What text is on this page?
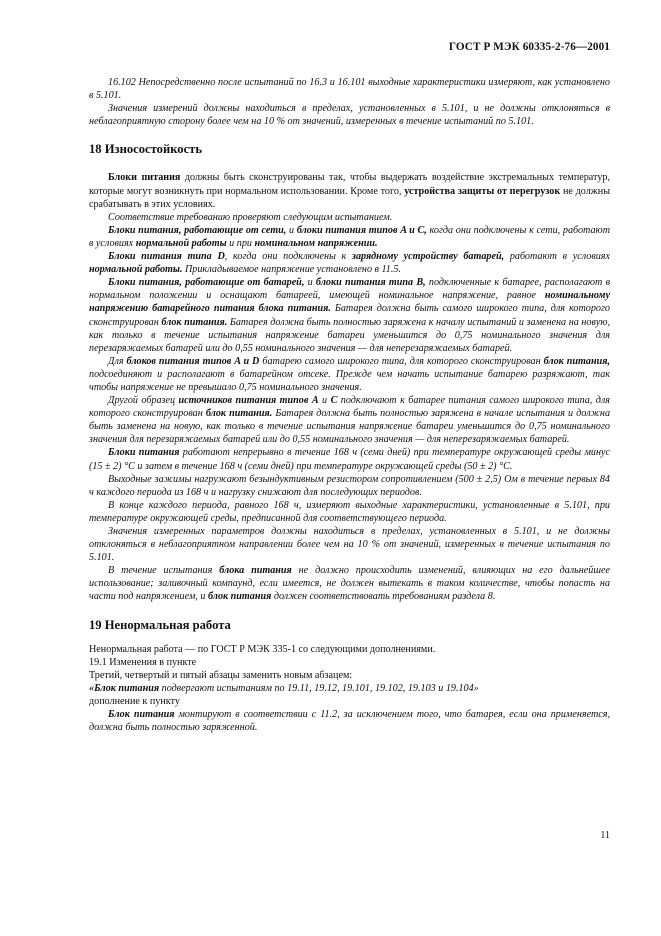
ГОСТ Р МЭК 60335-2-76—2001

16.102 Непосредственно после испытаний по 16.3 и 16.101 выходные характеристики измеряют, как установлено в 5.101.

Значения измерений должны находиться в пределах, установленных в 5.101, и не должны отклоняться в неблагоприятную сторону более чем на 10 % от значений, измеренных в течение испытаний по 5.101.

18 Износостойкость

Блоки питания должны быть сконструированы так, чтобы выдержать воздействие экстремальных температур, которые могут возникнуть при нормальном использовании. Кроме того, устройства защиты от перегрузок не должны срабатывать в этих условиях.

Соответствие требованию проверяют следующим испытанием.

Блоки питания, работающие от сети, и блоки питания типов A и C, когда они подключены к сети, работают в условиях нормальной работы и при номинальном напряжении.

Блоки питания типа D, когда они подключены к зарядному устройству батарей, работают в условиях нормальной работы. Прикладываемое напряжение установлено в 11.5.

Блоки питания, работающие от батарей, и блоки питания типа B, подключенные к батарее, располагают в нормальном положении и оснащают батареей, имеющей номинальное напряжение, равное номинальному напряжению батарейного питания блока питания. Батарея должна быть самого широкого типа, для которого сконструирован блок питания. Батарея должна быть полностью заряжена к началу испытаний и заменена на новую, как только в течение испытания напряжение батареи уменьшится до 0,75 номинального значения для перезаряжаемых батарей или до 0,55 номинального значения — для неперезаряжаемых батарей.

Для блоков питания типов A и D батарею самого широкого типа, для которого сконструирован блок питания, подсоединяют и располагают в батарейном отсеке. Прежде чем начать испытание батарею разряжают, так чтобы напряжение не превышало 0,75 номинального значения.

Другой образец источников питания типов A и C подключают к батарее питания самого широкого типа, для которого сконструирован блок питания. Батарея должна быть полностью заряжена в начале испытания и должна быть заменена на новую, как только в течение испытания напряжение батареи уменьшится до 0,75 номинального значения для перезаряжаемых батарей или до 0,55 номинального значения — для неперезаряжаемых батарей.

Блоки питания работают непрерывно в течение 168 ч (семи дней) при температуре окружающей среды минус (15 ± 2) °С и затем в течение 168 ч (семи дней) при температуре окружающей среды (50 ± 2) °С.

Выходные зажимы нагружают безындуктивным резистором сопротивлением (500 ± 2,5) Ом в течение первых 84 ч каждого периода из 168 ч и нагрузку снижают для последующих периодов.

В конце каждого периода, равного 168 ч, измеряют выходные характеристики, установленные в 5.101, при температуре окружающей среды, предписанной для соответствующего периода.

Значения измеренных параметров должны находиться в пределах, установленных в 5.101, и не должны отклоняться в неблагоприятном направлении более чем на 10 % от значений, измеренных в течение испытания по 5.101.

В течение испытания блока питания не должно происходить изменений, влияющих на его дальнейшее использование; заливочный компаунд, если имеется, не должен вытекать в таком количестве, чтобы попасть на части под напряжением, и блок питания должен соответствовать требованиям раздела 8.

19 Ненормальная работа

Ненормальная работа — по ГОСТ Р МЭК 335-1 со следующими дополнениями.

19.1 Изменения в пункте

Третий, четвертый и пятый абзацы заменить новым абзацем:

«Блок питания подвергают испытаниям по 19.11, 19.12, 19.101, 19.102, 19.103 и 19.104»

дополнение к пункту

Блок питания монтируют в соответствии с 11.2, за исключением того, что батарея, если она применяется, должна быть полностью заряженной.

11
